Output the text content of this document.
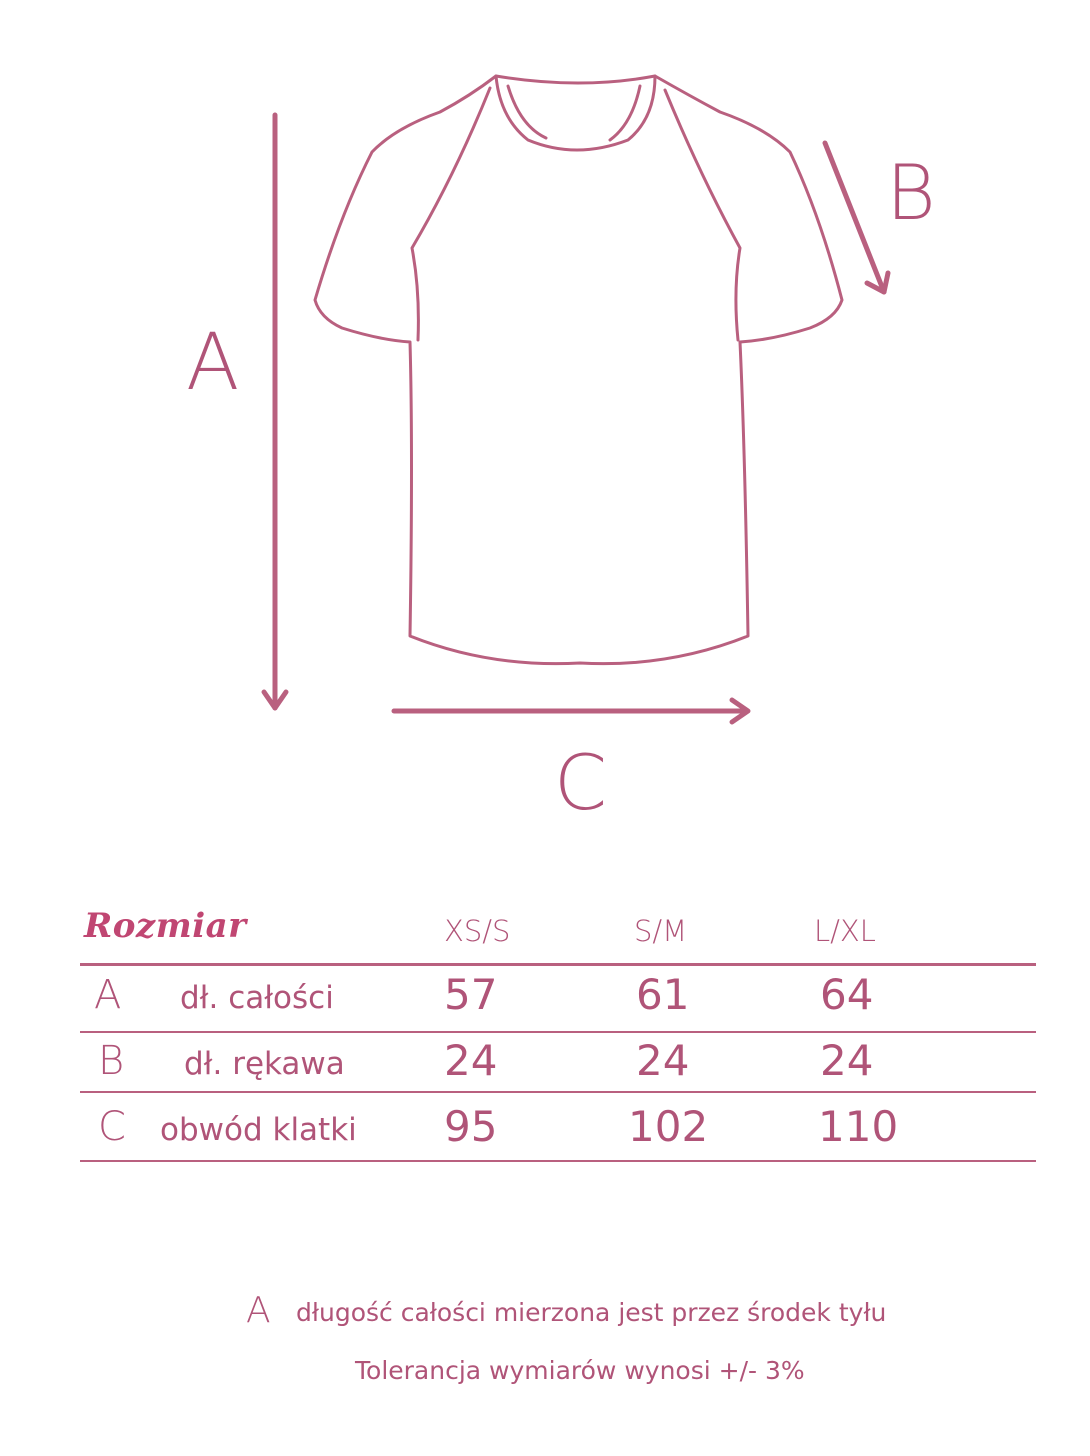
A
B
C
Rozmiar	XS/S	S/M	L/XL
A dł. całości	57	61	64
B dł. rękawa 24	24	24
C obwód klatki 95	102	110
A długość całości mierzona jest przez środek tyłu
Tolerancja wymiarów wynosi +/- 3%
